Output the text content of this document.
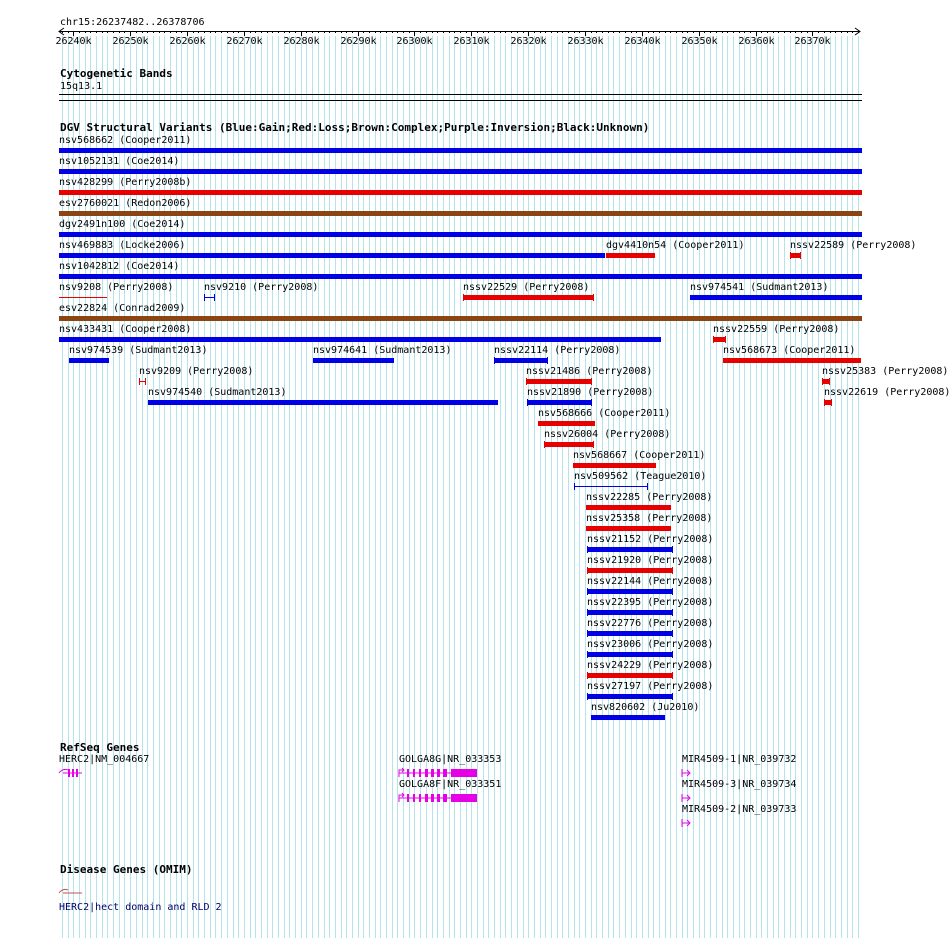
chr15:26237482..26378706
26240k 26250k 26260k 26270k 26280k 26290k 26300k 26310k 26320k 26330k 26340k 26350k 26360k 26370k
Cytogenetic Bands
15q13.1
DGV Structural Variants (Blue:Gain;Red:Loss;Brown:Complex;Purple:Inversion;Black:Unknown)
RefSeq Genes
Disease Genes (OMIM)
nsv568662 (Cooper2011)
nsv1052131 (Coe2014)
nsv428299 (Perry2008b)
esv2760021 (Redon2006)
dgv2491n100 (Coe2014)
nsv469883 (Locke2006)	dgv4410n54 (Cooper2011)	nssv22589 (Perry2008)
nsv1042812 (Coe2014)
nsv9208 (Perry2008)	nsv9210 (Perry2008)	nssv22529 (Perry2008)	nsv974541 (Sudmant2013)
esv22824 (Conrad2009)
nsv433431 (Cooper2008)	nssv22559 (Perry2008)
nsv974539 (Sudmant2013)	nsv974641 (Sudmant2013)	nssv22114 (Perry2008)	nsv568673 (Cooper2011)
nsv9209 (Perry2008)	nssv21486 (Perry2008)	nssv25383 (Perry2008)
nsv974540 (Sudmant2013)	nssv21890 (Perry2008)	nssv22619 (Perry2008)
nsv568666 (Cooper2011)
nssv26004 (Perry2008)
nsv568667 (Cooper2011)
nsv509562 (Teague2010)
nssv22285 (Perry2008)
nssv25358 (Perry2008)
nssv21152 (Perry2008)
nssv21920 (Perry2008)
nssv22144 (Perry2008)
nssv22395 (Perry2008)
nssv22776 (Perry2008)
nssv23006 (Perry2008)
nssv24229 (Perry2008)
nssv27197 (Perry2008)
nsv820602 (Ju2010)
HERC2|NM_004667	GOLGA8G|NR_033353	MIR4509-1|NR_039732
GOLGA8F|NR_033351	MIR4509-3|NR_039734
MIR4509-2|NR_039733
HERC2|hect domain and RLD 2
